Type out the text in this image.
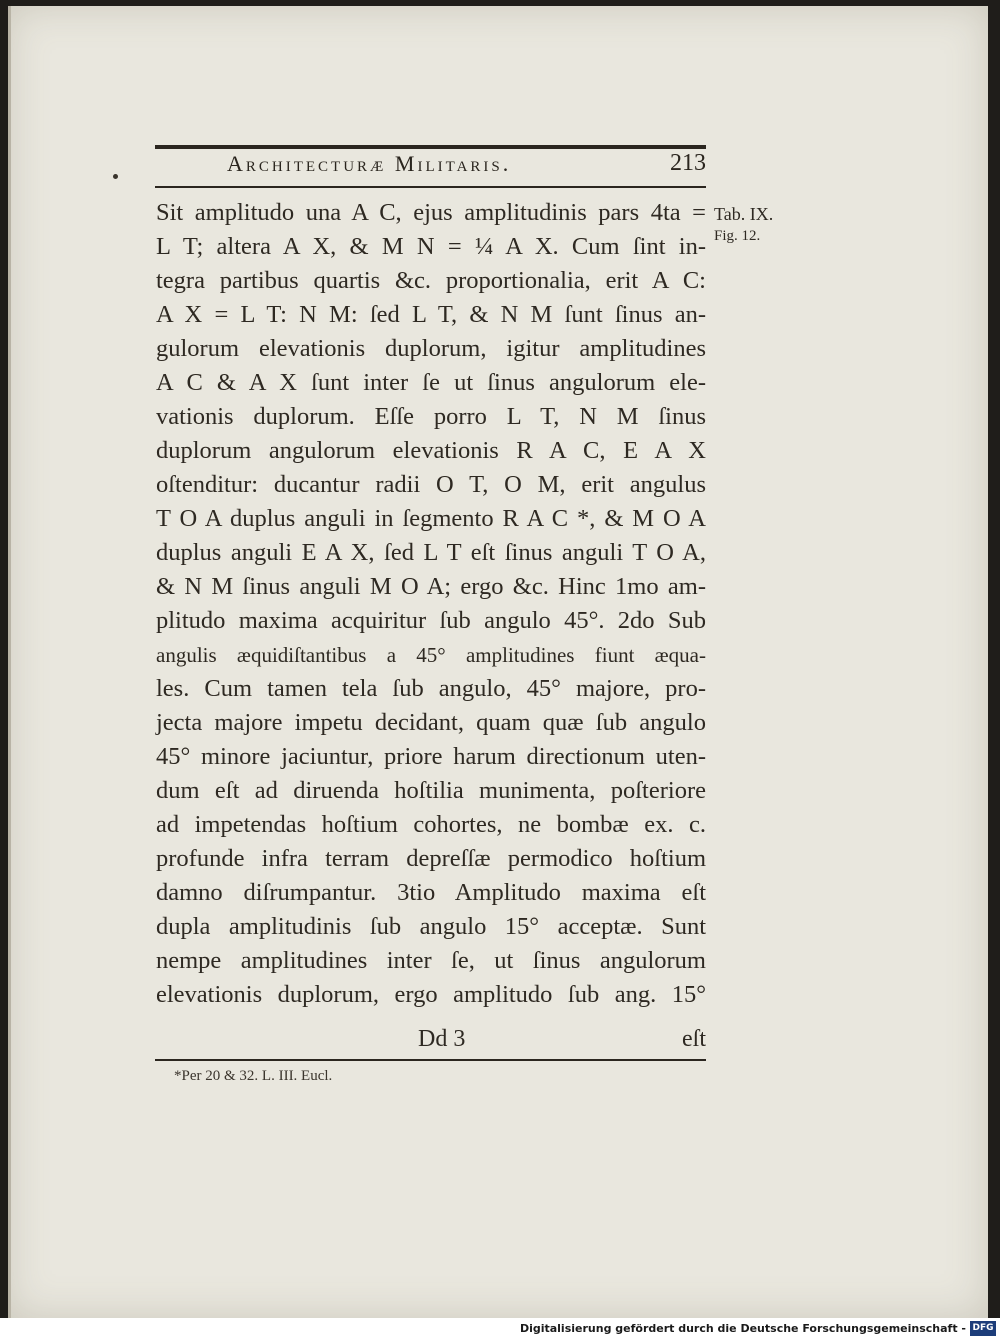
Architecturæ Militaris.	213
Tab. IX.
Fig. 12.
Sit amplitudo una A C, ejus amplitudinis pars 4ta =
L T; altera A X, & M N = ¼ A X. Cum ſint in-
tegra partibus quartis &c. proportionalia, erit A C:
A X = L T: N M: ſed L T, & N M ſunt ſinus an-
gulorum elevationis duplorum, igitur amplitudines
A C & A X ſunt inter ſe ut ſinus angulorum ele-
vationis duplorum. Eſſe porro L T, N M ſinus
duplorum angulorum elevationis R A C, E A X
oſtenditur: ducantur radii O T, O M, erit angulus
T O A duplus anguli in ſegmento R A C *, & M O A
duplus anguli E A X, ſed L T eſt ſinus anguli T O A,
& N M ſinus anguli M O A; ergo &c. Hinc 1mo am-
plitudo maxima acquiritur ſub angulo 45°. 2do Sub
angulis æquidiſtantibus a 45° amplitudines fiunt æqua-
les. Cum tamen tela ſub angulo, 45° majore, pro-
jecta majore impetu decidant, quam quæ ſub angulo
45° minore jaciuntur, priore harum directionum uten-
dum eſt ad diruenda hoſtilia munimenta, poſteriore
ad impetendas hoſtium cohortes, ne bombæ ex. c.
profunde infra terram depreſſæ permodico hoſtium
damno diſrumpantur. 3tio Amplitudo maxima eſt
dupla amplitudinis ſub angulo 15° acceptæ. Sunt
nempe amplitudines inter ſe, ut ſinus angulorum
elevationis duplorum, ergo amplitudo ſub ang. 15°
Dd 3	eſt
*Per 20 & 32. L. III. Eucl.
Digitalisierung gefördert durch die Deutsche Forschungsgemeinschaft - DFG
